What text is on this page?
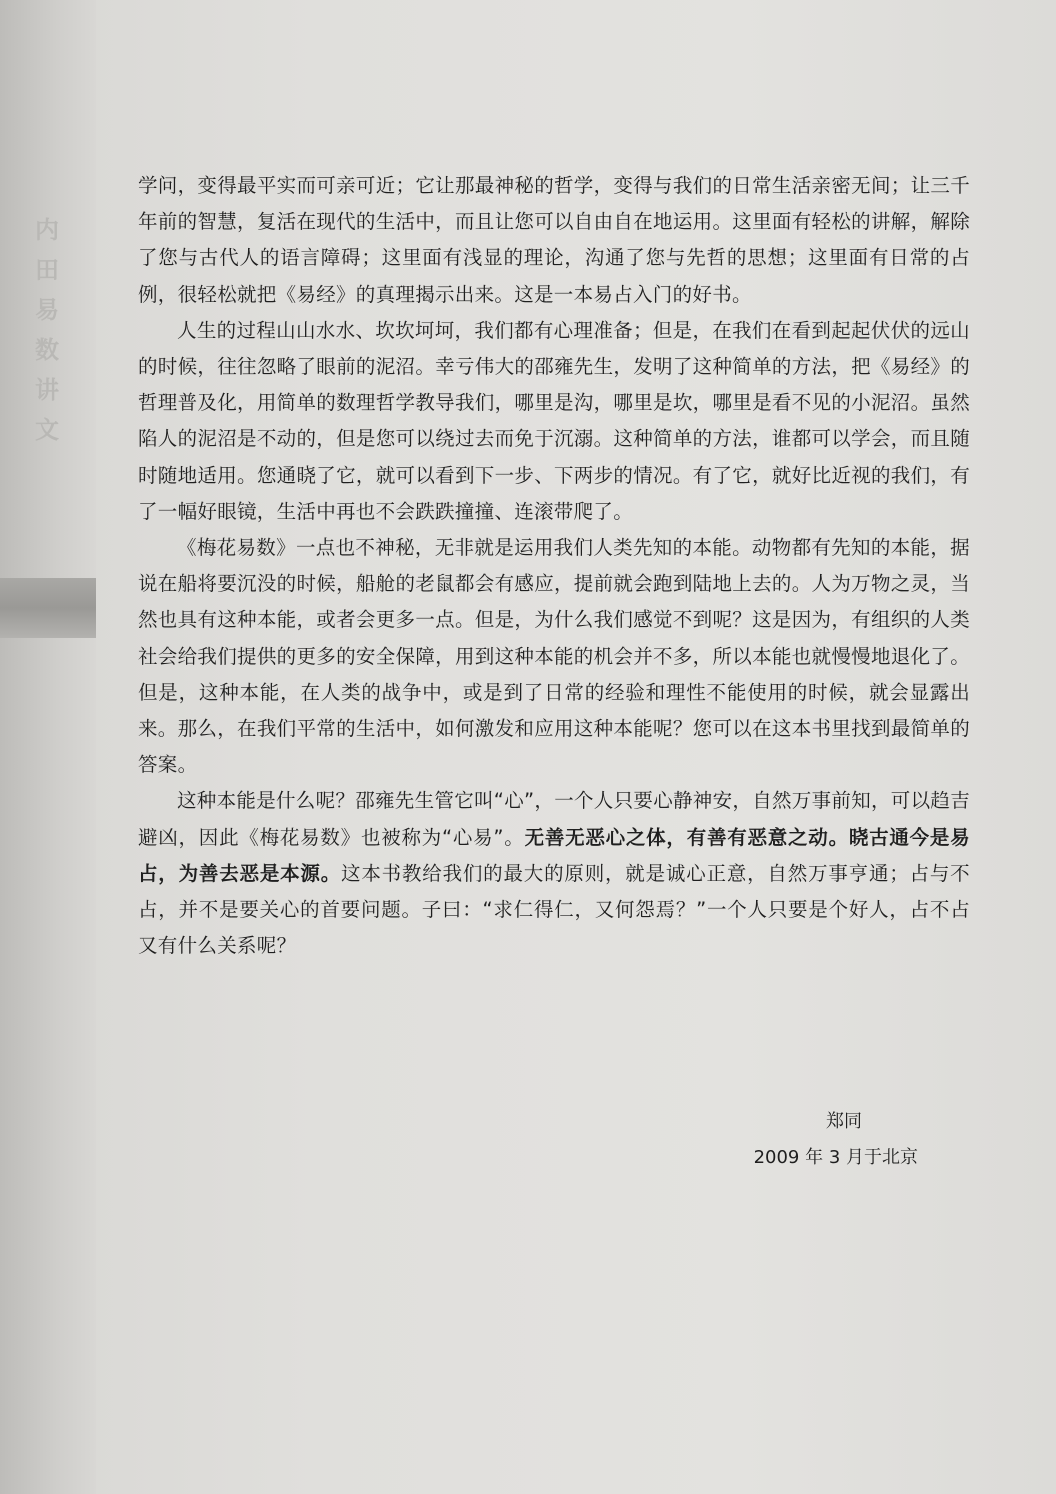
内田易数讲文

学问，变得最平实而可亲可近；它让那最神秘的哲学，变得与我们的日常生活亲密无间；让三千年前的智慧，复活在现代的生活中，而且让您可以自由自在地运用。这里面有轻松的讲解，解除了您与古代人的语言障碍；这里面有浅显的理论，沟通了您与先哲的思想；这里面有日常的占例，很轻松就把《易经》的真理揭示出来。这是一本易占入门的好书。

人生的过程山山水水、坎坎坷坷，我们都有心理准备；但是，在我们在看到起起伏伏的远山的时候，往往忽略了眼前的泥沼。幸亏伟大的邵雍先生，发明了这种简单的方法，把《易经》的哲理普及化，用简单的数理哲学教导我们，哪里是沟，哪里是坎，哪里是看不见的小泥沼。虽然陷人的泥沼是不动的，但是您可以绕过去而免于沉溺。这种简单的方法，谁都可以学会，而且随时随地适用。您通晓了它，就可以看到下一步、下两步的情况。有了它，就好比近视的我们，有了一幅好眼镜，生活中再也不会跌跌撞撞、连滚带爬了。

《梅花易数》一点也不神秘，无非就是运用我们人类先知的本能。动物都有先知的本能，据说在船将要沉没的时候，船舱的老鼠都会有感应，提前就会跑到陆地上去的。人为万物之灵，当然也具有这种本能，或者会更多一点。但是，为什么我们感觉不到呢？这是因为，有组织的人类社会给我们提供的更多的安全保障，用到这种本能的机会并不多，所以本能也就慢慢地退化了。但是，这种本能，在人类的战争中，或是到了日常的经验和理性不能使用的时候，就会显露出来。那么，在我们平常的生活中，如何激发和应用这种本能呢？您可以在这本书里找到最简单的答案。

这种本能是什么呢？邵雍先生管它叫“心”，一个人只要心静神安，自然万事前知，可以趋吉避凶，因此《梅花易数》也被称为“心易”。无善无恶心之体，有善有恶意之动。晓古通今是易占，为善去恶是本源。这本书教给我们的最大的原则，就是诚心正意，自然万事亨通；占与不占，并不是要关心的首要问题。子曰：“求仁得仁，又何怨焉？”一个人只要是个好人，占不占又有什么关系呢？

郑同
2009 年 3 月于北京
